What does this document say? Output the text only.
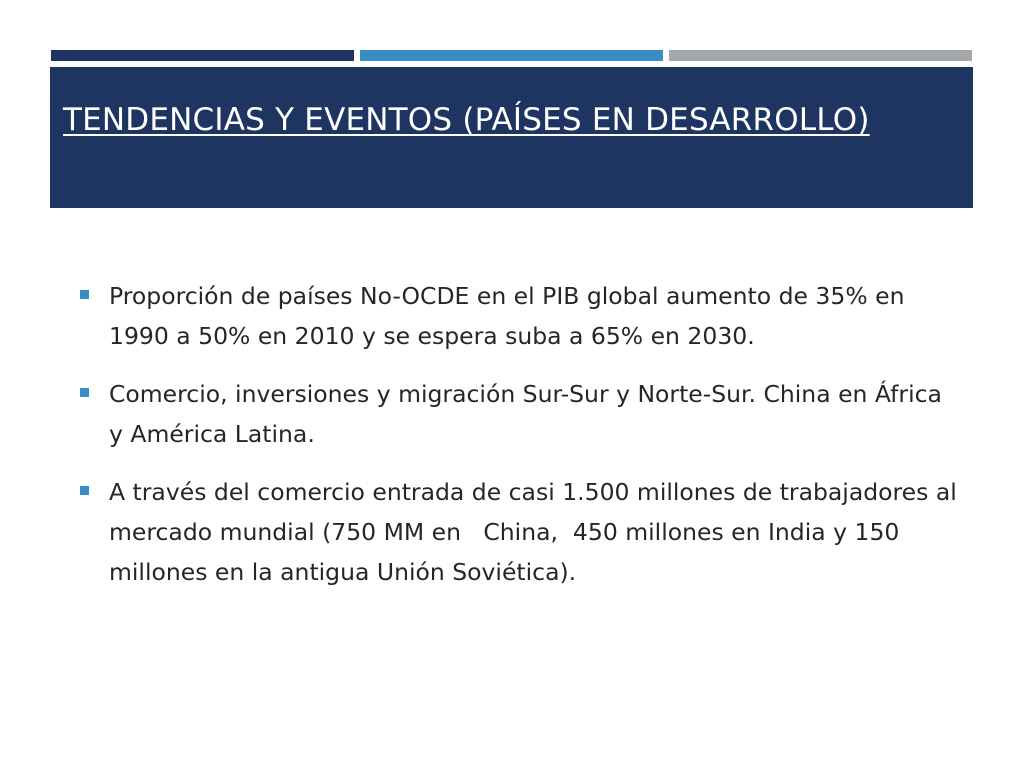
TENDENCIAS Y EVENTOS (PAÍSES EN DESARROLLO)
Proporción de países No-OCDE en el PIB global aumento de 35% en 1990 a 50% en 2010 y se espera suba a 65% en 2030.
Comercio, inversiones y migración Sur-Sur y Norte-Sur. China en África y América Latina.
A través del comercio entrada de casi 1.500 millones de trabajadores al mercado mundial (750 MM en   China,  450 millones en India y 150 millones en la antigua Unión Soviética).
